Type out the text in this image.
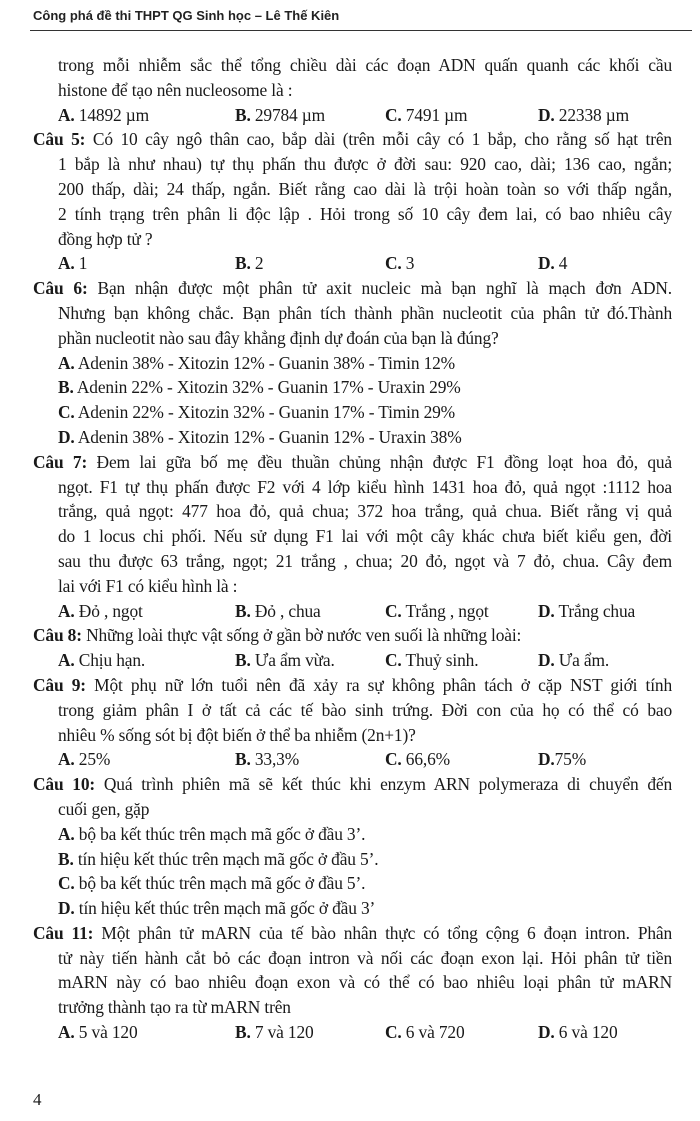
Công phá đề thi THPT QG Sinh học – Lê Thế Kiên
trong mỗi nhiễm sắc thể tổng chiều dài các đoạn ADN quấn quanh các khối cầu
histone để tạo nên nucleosome là :
A. 14892 µm	B. 29784 µm	C. 7491 µm	D. 22338 µm
Câu 5: Có 10 cây ngô thân cao, bắp dài (trên mỗi cây có 1 bắp, cho rằng số hạt trên
1 bắp là như nhau) tự thụ phấn thu được ở đời sau: 920 cao, dài; 136 cao, ngắn;
200 thấp, dài; 24 thấp, ngắn. Biết rằng cao dài là trội hoàn toàn so với thấp ngắn,
2 tính trạng trên phân li độc lập . Hỏi trong số 10 cây đem lai, có bao nhiêu cây
đồng hợp tử ?
A. 1	B. 2	C. 3	D. 4
Câu 6: Bạn nhận được một phân tử axit nucleic mà bạn nghĩ là mạch đơn ADN.
Nhưng bạn không chắc. Bạn phân tích thành phần nucleotit của phân tử đó.Thành
phần nucleotit nào sau đây khẳng định dự đoán của bạn là đúng?
A. Adenin 38% - Xitozin 12% - Guanin 38% - Timin 12%
B. Adenin 22% - Xitozin 32% - Guanin 17% - Uraxin 29%
C. Adenin 22% - Xitozin 32% - Guanin 17% - Timin 29%
D. Adenin 38% - Xitozin 12% - Guanin 12% - Uraxin 38%
Câu 7: Đem lai gữa bố mẹ đều thuần chủng nhận được F1 đồng loạt hoa đỏ, quả
ngọt. F1 tự thụ phấn được F2 với 4 lớp kiểu hình 1431 hoa đỏ, quả ngọt :1112 hoa
trắng, quả ngọt: 477 hoa đỏ, quả chua; 372 hoa trắng, quả chua. Biết rằng vị quả
do 1 locus chi phối. Nếu sử dụng F1 lai với một cây khác chưa biết kiểu gen, đời
sau thu được 63 trắng, ngọt; 21 trắng , chua; 20 đỏ, ngọt và 7 đỏ, chua. Cây đem
lai với F1 có kiểu hình là :
A. Đỏ , ngọt	B. Đỏ , chua	C. Trắng , ngọt	D. Trắng chua
Câu 8: Những loài thực vật sống ở gần bờ nước ven suối là những loài:
A. Chịu hạn.	B. Ưa ẩm vừa.	C. Thuỷ sinh.	D. Ưa ẩm.
Câu 9: Một phụ nữ lớn tuổi nên đã xảy ra sự không phân tách ở cặp NST giới tính
trong giảm phân I ở tất cả các tế bào sinh trứng. Đời con của họ có thể có bao
nhiêu % sống sót bị đột biến ở thể ba nhiễm (2n+1)?
A. 25%	B. 33,3%	C. 66,6%	D.75%
Câu 10: Quá trình phiên mã sẽ kết thúc khi enzym ARN polymeraza di chuyển đến
cuối gen, gặp
A. bộ ba kết thúc trên mạch mã gốc ở đầu 3’.
B. tín hiệu kết thúc trên mạch mã gốc ở đầu 5’.
C. bộ ba kết thúc trên mạch mã gốc ở đầu 5’.
D. tín hiệu kết thúc trên mạch mã gốc ở đầu 3’
Câu 11: Một phân tử mARN của tế bào nhân thực có tổng cộng 6 đoạn intron. Phân
tử này tiến hành cắt bỏ các đoạn intron và nối các đoạn exon lại. Hỏi phân tử tiền
mARN này có bao nhiêu đoạn exon và có thể có bao nhiêu loại phân tử mARN
trưởng thành tạo ra từ mARN trên
A. 5 và 120	B. 7 và 120	C. 6 và 720	D. 6 và 120
4
